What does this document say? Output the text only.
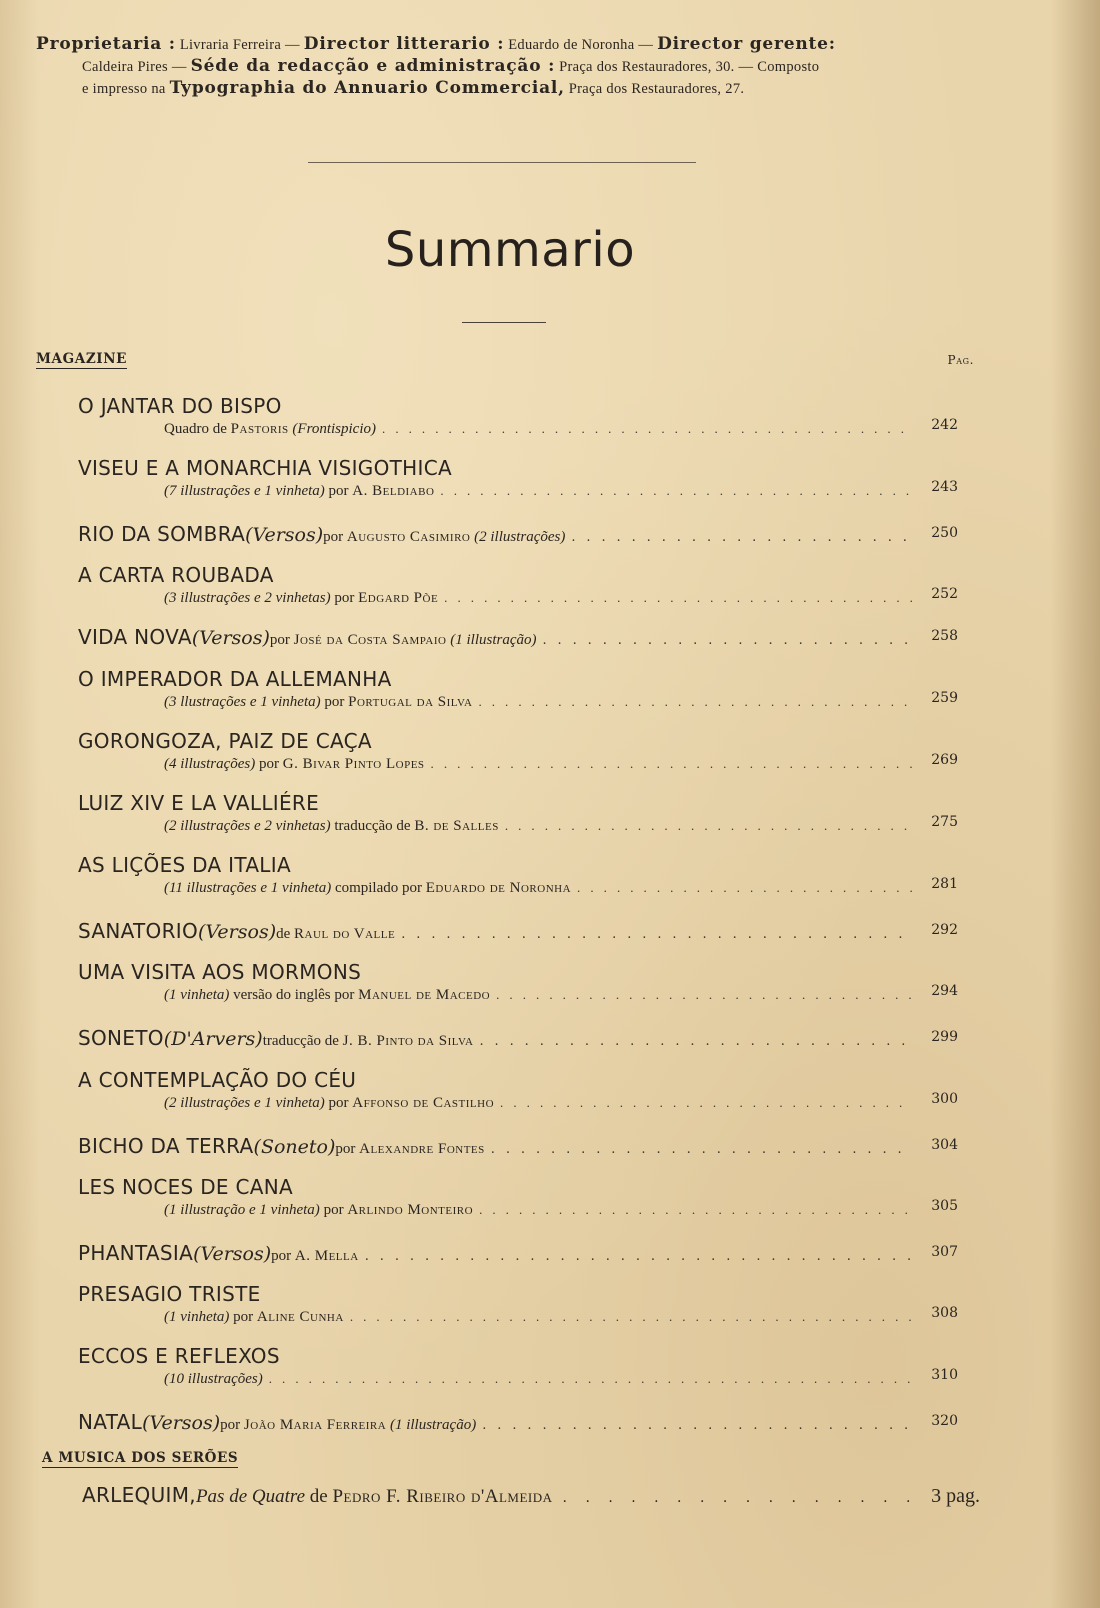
Proprietaria : Livraria Ferreira — Director litterario : Eduardo de Noronha — Director gerente:
Caldeira Pires — Séde da redacção e administração : Praça dos Restauradores, 30. — Composto
e impresso na Typographia do Annuario Commercial, Praça dos Restauradores, 27.
Summario
MAGAZINE	Pag.
O JANTAR DO BISPO
Quadro de Pastoris (Frontispicio) . . .	242
VISEU E A MONARCHIA VISIGOTHICA
(7 illustrações e 1 vinheta) por A. Beldiabo . . .	243
RIO DA SOMBRA (Versos) por Augusto Casimiro (2 illustrações) . . .	250
A CARTA ROUBADA
(3 illustrações e 2 vinhetas) por Edgard Põe . . .	252
VIDA NOVA (Versos) por José da Costa Sampaio (1 illustração) . . .	258
O IMPERADOR DA ALLEMANHA
(3 llustrações e 1 vinheta) por Portugal da Silva . . .	259
GORONGOZA, PAIZ DE CAÇA
(4 illustrações) por G. Bivar Pinto Lopes . . .	269
LUIZ XIV E LA VALLIÉRE
(2 illustrações e 2 vinhetas) traducção de B. de Salles . . .	275
AS LIÇÕES DA ITALIA
(11 illustrações e 1 vinheta) compilado por Eduardo de Noronha . . .	281
SANATORIO (Versos) de Raul do Valle . . .	292
UMA VISITA AOS MORMONS
(1 vinheta) versão do inglês por Manuel de Macedo . . .	294
SONETO (D'Arvers) traducção de J. B. Pinto da Silva . . .	299
A CONTEMPLAÇÃO DO CÉU
(2 illustrações e 1 vinheta) por Affonso de Castilho . . .	300
BICHO DA TERRA (Soneto) por Alexandre Fontes . . .	304
LES NOCES DE CANA
(1 illustração e 1 vinheta) por Arlindo Monteiro . . .	305
PHANTASIA (Versos) por A. Mella . . .	307
PRESAGIO TRISTE
(1 vinheta) por Aline Cunha . . .	308
ECCOS E REFLEXOS
(10 illustrações) . . .	310
NATAL (Versos) por João Maria Ferreira (1 illustração) . . .	320
A MUSICA DOS SERÕES
ARLEQUIM, Pas de Quatre de Pedro F. Ribeiro d'Almeida . . .	3 pag.
